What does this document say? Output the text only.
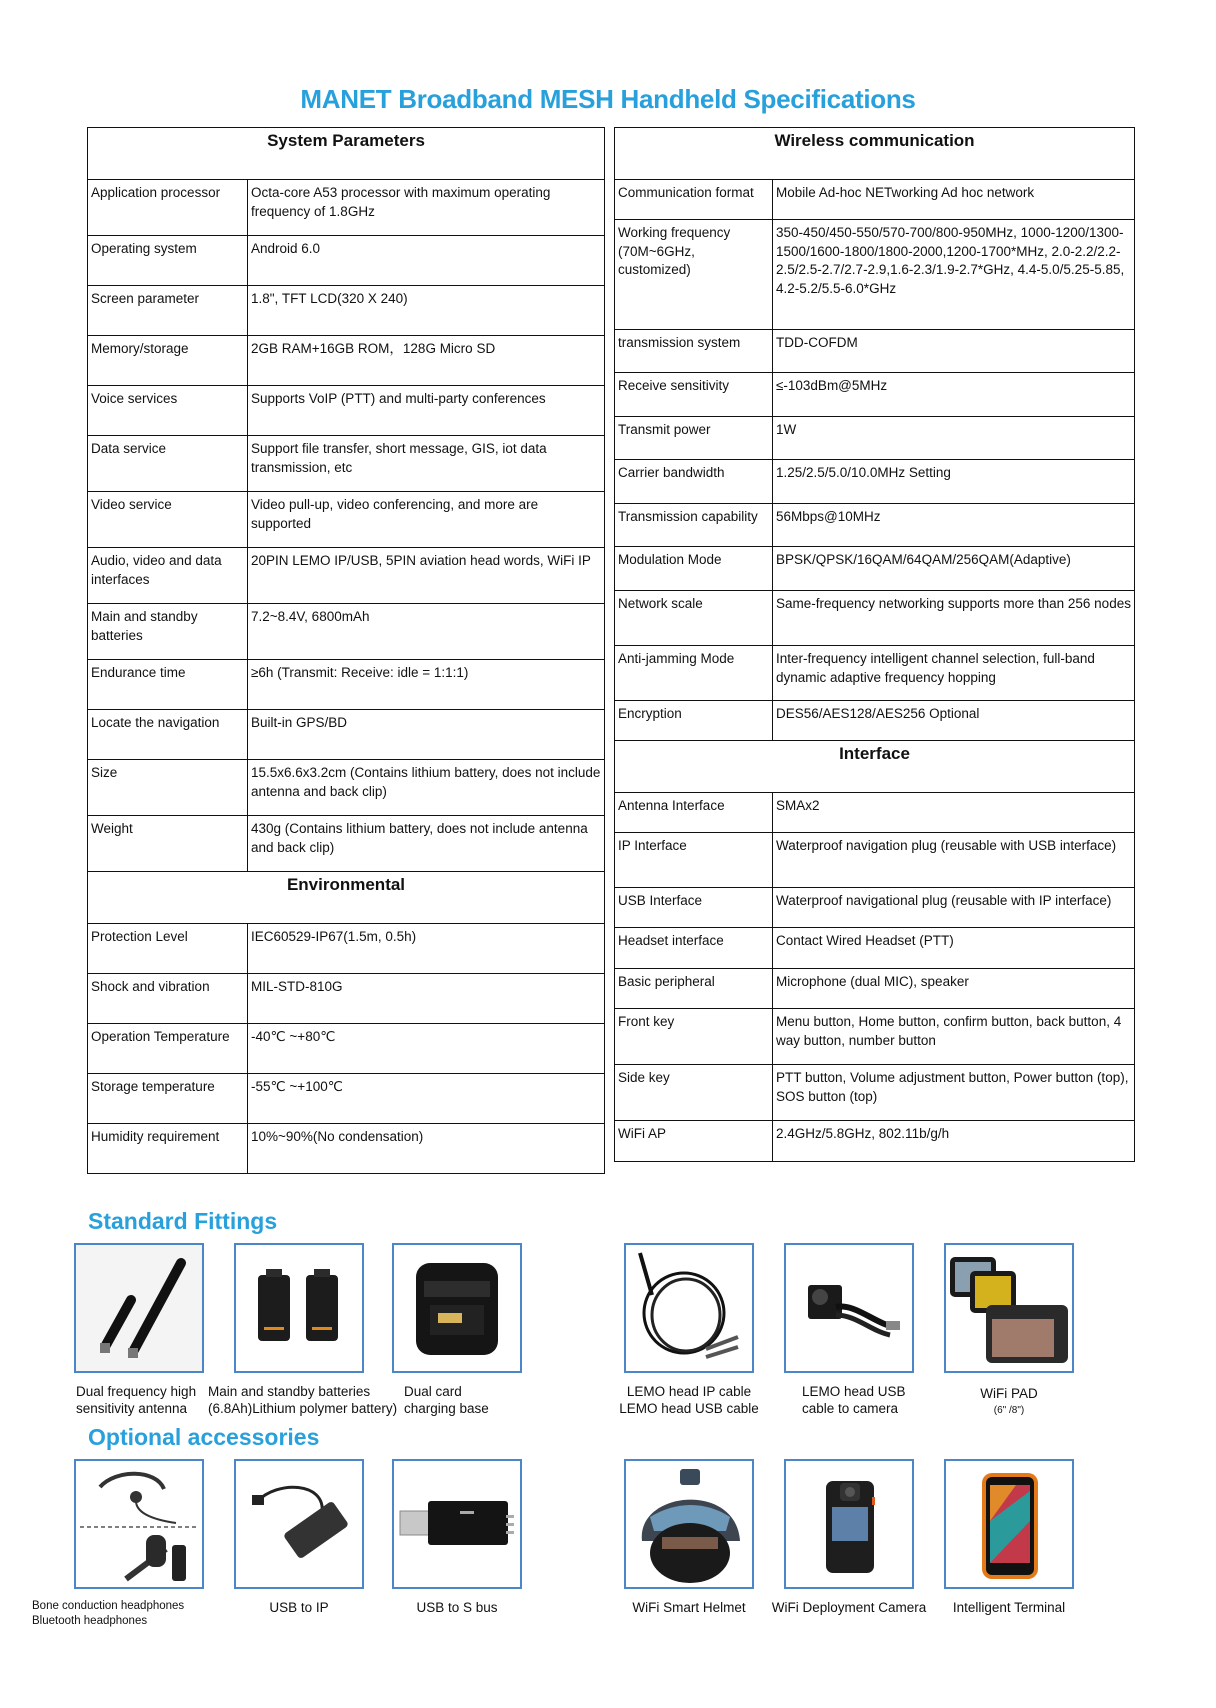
MANET Broadband MESH Handheld Specifications
System Parameters	
Application processor	Octa-core A53 processor with maximum operating frequency of 1.8GHz
Operating system	Android 6.0
Screen parameter	1.8", TFT LCD(320 X 240)
Memory/storage	2GB RAM+16GB ROM，128G Micro SD
Voice services	Supports VoIP (PTT) and multi-party conferences
Data service	Support file transfer, short message, GIS, iot data transmission, etc
Video service	Video pull-up, video conferencing, and more are supported
Audio, video and data interfaces	20PIN LEMO IP/USB, 5PIN aviation head words, WiFi IP
Main and standby batteries	7.2~8.4V, 6800mAh
Endurance time	≥6h (Transmit: Receive: idle = 1:1:1)
Locate the navigation	Built-in GPS/BD
Size	15.5x6.6x3.2cm (Contains lithium battery, does not include antenna and back clip)
Weight	430g (Contains lithium battery, does not include antenna and back clip)
Environmental	
Protection Level	IEC60529-IP67(1.5m, 0.5h)
Shock and vibration	MIL-STD-810G
Operation Temperature	-40℃ ~+80℃
Storage temperature	-55℃ ~+100℃
Humidity requirement	10%~90%(No condensation)
Wireless communication	
Communication format	Mobile Ad-hoc NETworking Ad hoc network
Working frequency (70M~6GHz, customized)	350-450/450-550/570-700/800-950MHz, 1000-1200/1300-1500/1600-1800/1800-2000,1200-1700*MHz, 2.0-2.2/2.2-2.5/2.5-2.7/2.7-2.9,1.6-2.3/1.9-2.7*GHz, 4.4-5.0/5.25-5.85, 4.2-5.2/5.5-6.0*GHz
transmission system	TDD-COFDM
Receive sensitivity	≤-103dBm@5MHz
Transmit power	1W
Carrier bandwidth	1.25/2.5/5.0/10.0MHz Setting
Transmission capability	56Mbps@10MHz
Modulation Mode	BPSK/QPSK/16QAM/64QAM/256QAM(Adaptive)
Network scale	Same-frequency networking supports more than 256 nodes
Anti-jamming Mode	Inter-frequency intelligent channel selection, full-band dynamic adaptive frequency hopping
Encryption	DES56/AES128/AES256 Optional
Interface	
Antenna Interface	SMAx2
IP Interface	Waterproof navigation plug (reusable with USB interface)
USB Interface	Waterproof navigational plug (reusable with IP interface)
Headset interface	Contact Wired Headset (PTT)
Basic peripheral	Microphone (dual MIC), speaker
Front key	Menu button, Home button, confirm button, back button, 4 way button, number button
Side key	PTT button, Volume adjustment button, Power button (top), SOS button (top)
WiFi AP	2.4GHz/5.8GHz, 802.11b/g/h
Standard Fittings
Dual frequency high
sensitivity antenna
Main and standby batteries
(6.8Ah)Lithium polymer battery)
Dual card
charging base
LEMO head IP cable
LEMO head USB cable
LEMO head USB
cable to camera
WiFi PAD
(6" /8")
Optional accessories
Bone conduction headphones
Bluetooth headphones
USB to IP	USB to S bus	WiFi Smart Helmet	WiFi Deployment Camera	Intelligent Terminal
